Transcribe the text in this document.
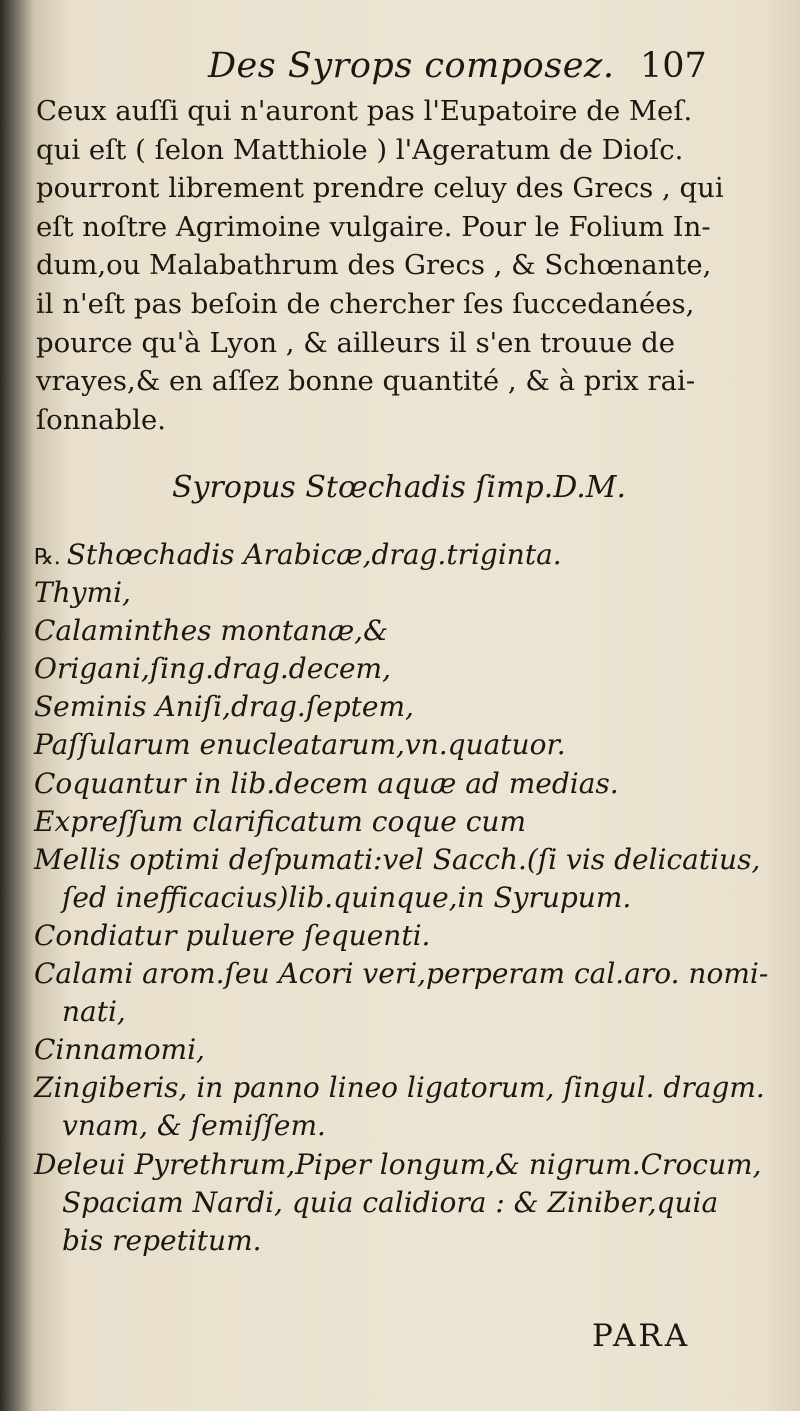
Des Syrops composez. 107
Ceux auſſi qui n'auront pas l'Eupatoire de Meſ.
qui eſt ( ſelon Matthiole ) l'Ageratum de Dioſc.
pourront librement prendre celuy des Grecs , qui
eſt noſtre Agrimoine vulgaire. Pour le Folium In-
dum,ou Malabathrum des Grecs , & Schœnante,
il n'eſt pas beſoin de chercher ſes ſuccedanées,
pource qu'à Lyon , & ailleurs il s'en trouue de
vrayes,& en aſſez bonne quantité , & à prix rai-
ſonnable.
Syropus Stœchadis ſimp.D.M.
℞. Sthœchadis Arabicæ,drag.triginta.
Thymi,
Calaminthes montanæ,&
Origani,ſing.drag.decem,
Seminis Aniſi,drag.ſeptem,
Paſſularum enucleatarum,vn.quatuor.
Coquantur in lib.decem aquæ ad medias.
Expreſſum clarificatum coque cum
Mellis optimi deſpumati:vel Sacch.(ſi vis delicatius,
ſed inefficacius)lib.quinque,in Syrupum.
Condiatur puluere ſequenti.
Calami arom.ſeu Acori veri,perperam cal.aro. nomi-
nati,
Cinnamomi,
Zingiberis, in panno lineo ligatorum, ſingul. dragm.
vnam, & ſemiſſem.
Deleui Pyrethrum,Piper longum,& nigrum.Crocum,
Spaciam Nardi, quia calidiora : & Ziniber,quia
bis repetitum.
PARA
